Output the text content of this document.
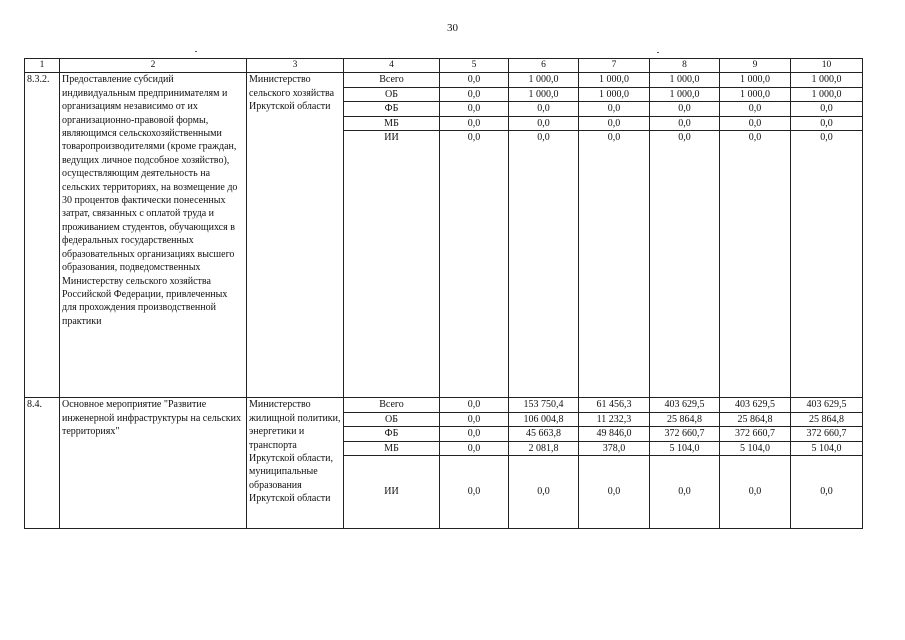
30
1	2	3	4	5	6	7	8	9	10
8.3.2.	Предоставление субсидий индивидуальным предпринимателям и организациям независимо от их организационно-правовой формы, являющимся сельскохозяйственными товаропроизводителями (кроме граждан, ведущих личное подсобное хозяйство), осуществляющим деятельность на сельских территориях, на возмещение до 30 процентов фактически понесенных затрат, связанных с оплатой труда и проживанием студентов, обучающихся в федеральных государственных образовательных организациях высшего образования, подведомственных Министерству сельского хозяйства Российской Федерации, привлеченных для прохождения производственной практики	Министерство сельского хозяйства Иркутской области	Всего	0,0	1 000,0	1 000,0	1 000,0	1 000,0	1 000,0
			ОБ	0,0	1 000,0	1 000,0	1 000,0	1 000,0	1 000,0
			ФБ	0,0	0,0	0,0	0,0	0,0	0,0
			МБ	0,0	0,0	0,0	0,0	0,0	0,0
			ИИ	0,0	0,0	0,0	0,0	0,0	0,0

8.4.	Основное мероприятие "Развитие инженерной инфраструктуры на сельских территориях"	Министерство жилищной политики, энергетики и транспорта Иркутской области, муниципальные образования Иркутской области	Всего	0,0	153 750,4	61 456,3	403 629,5	403 629,5	403 629,5
			ОБ	0,0	106 004,8	11 232,3	25 864,8	25 864,8	25 864,8
			ФБ	0,0	45 663,8	49 846,0	372 660,7	372 660,7	372 660,7
			МБ	0,0	2 081,8	378,0	5 104,0	5 104,0	5 104,0
			ИИ	0,0	0,0	0,0	0,0	0,0	0,0
